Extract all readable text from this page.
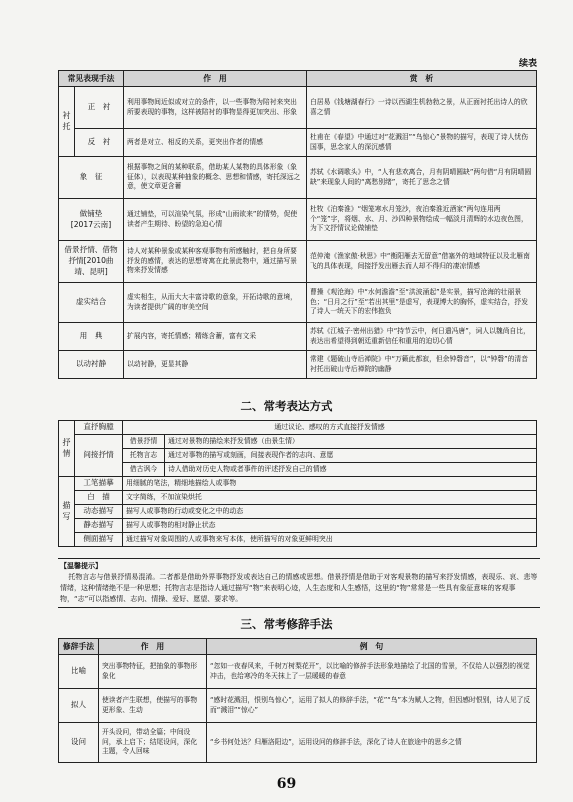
续表
常见表现手法		作　用	赏　析
衬托	正　衬	利用事物间近似或对立的条件，以一些事物为陪衬来突出所要表现的事物，这样被陪衬的事物显得更加突出、形象	白居易《钱塘湖春行》一诗以西湖生机勃勃之景，从正面衬托出诗人的欣喜之情
	反　衬	两者是对立、相反的关系，更突出作者的情感	杜甫在《春望》中通过对“花溅泪”“鸟惊心”景物的描写，表现了诗人忧伤国事，思念家人的深沉感情
象　征		根据事物之间的某种联系，借助某人某物的具体形象（象征体），以表现某种抽象的概念、思想和情感，寄托深远之意，使文章更含蓄	苏轼《水调歌头》中，“人有悲欢离合，月有阴晴圆缺”两句借“月有阴晴圆缺”来现象人间的“离愁别绪”，寄托了思念之情
做铺垫
[2017云南]		通过铺垫，可以渲染气氛，形成“山雨欲来”的情势，促使读者产生期待、盼望的急迫心情	杜牧《泊秦淮》“烟笼寒水月笼沙，夜泊秦淮近酒家”两句连用两个“笼”字，将烟、水、月、沙四种景物绘成一幅淡月清辉的水边夜色图，为下文抒情议论做铺垫
借景抒情、借物抒情[2010曲靖、昆明]		诗人对某种景象或某种客观事物有所感触时，把自身所要抒发的感情，表达的思想寄寓在此景此物中，通过描写景物来抒发情感	范仲淹《渔家傲·秋思》中“衡阳雁去无留意”借塞外的地域特征以及北雁南飞的具体表现，间接抒发出雁去而人却不得归的凄凉情感
虚实结合		虚实相生，从而大大丰富诗歌的意象，开拓诗歌的意境，为读者提供广阔的审美空间	曹操《观沧海》中“水何澹澹”至“洪波涌起”是实景，描写沧海的壮丽景色；“日月之行”至“若出其里”是虚写，表现博大的胸怀，虚实结合，抒发了诗人一统天下的宏伟抱负
用　典		扩展内容，寄托情感；精练含蓄，富有文采	苏轼《江城子·密州出猎》中“持节云中，何日遣冯唐”，词人以魏尚自比，表达出希望得到朝廷重新信任和重用的迫切心情
以动衬静		以动衬静，更显其静	常建《题破山寺后禅院》中“万籁此都寂，但余钟磬音”，以“钟磬”的清音衬托出破山寺后禅院的幽静
二、常考表达方式
抒情	直抒胸臆	通过议论、感叹的方式直接抒发情感	
	间接抒情	借景抒情	通过对景物的描绘来抒发情感（由景生情）
		托物言志	通过对事物的描写或刻画，间接表现作者的志向、意愿
		借古讽今	诗人借助对历史人物或者事件的评述抒发自己的情感
描写	工笔描摹	用细腻的笔法，精细地描绘人或事物	
	白　描	文字简练，不加渲染烘托	
	动态描写	描写人或事物的行动或变化之中的动态	
	静态描写	描写人或事物的相对静止状态	
	侧面描写	通过描写对象周围的人或事物来写本体，使所描写的对象更鲜明突出	
【温馨提示】
托物言志与借景抒情易混淆。二者都是借助外界事物抒发或表达自己的情感或思想。借景抒情是借助于对客观景物的描写来抒发情感，表现乐、哀、悲等情绪，这种情绪绝不是一种思想；托物言志是指诗人通过描写“物”来表明心迹，人生态度和人生感悟，这里的“物”常常是一些具有象征意味的客观事物，“志”可以指感情、志向、情操、爱好、愿望、要求等。
三、常考修辞手法
修辞手法	作　用	例　句
比喻	突出事物特征，把抽象的事物形象化	“忽如一夜春风来，千树万树梨花开”，以比喻的修辞手法形象地描绘了北国的雪景，不仅给人以强烈的视觉冲击，也给寒冷的冬天抹上了一层暖暖的春意
拟人	使读者产生联想，使描写的事物更形象、生动	“感时花溅泪，恨别鸟惊心”，运用了拟人的修辞手法，“花”“鸟”本为赋人之物，但因感时恨别，诗人见了反而“溅泪”“惊心”
设问	开头设问，带动全篇；中间设问，承上启下；结尾设问，深化主题，令人回味	“乡书何处达？归雁洛阳边”，运用设问的修辞手法，深化了诗人在旅途中的思乡之情
69
